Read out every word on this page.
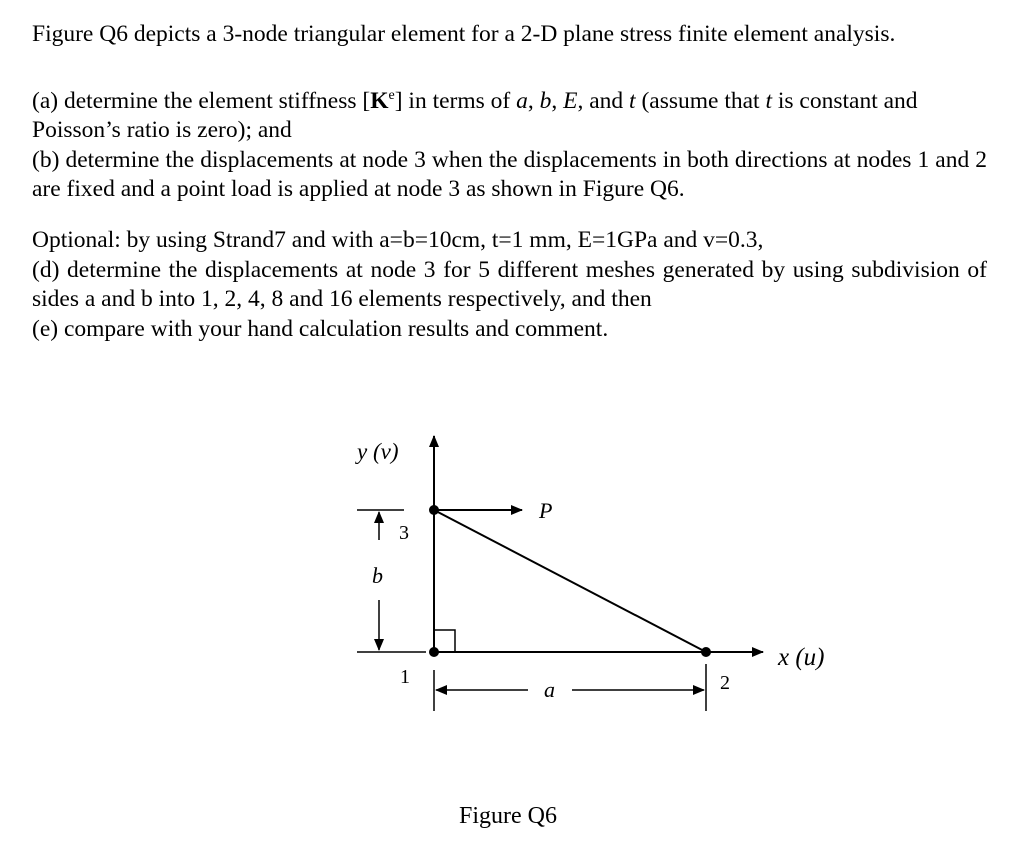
Figure Q6 depicts a 3-node triangular element for a 2-D plane stress finite element analysis.

(a) determine the element stiffness $[K^e]$ in terms of a, b, E, and t (assume that t is constant and Poisson’s ratio is zero); and
(b) determine the displacements at node 3 when the displacements in both directions at nodes 1 and 2 are fixed and a point load is applied at node 3 as shown in Figure Q6.
Optional: by using Strand7 and with a=b=10cm, t=1 mm, E=1GPa and v=0.3,
(d) determine the displacements at node 3 for 5 different meshes generated by using subdivision of sides a and b into 1, 2, 4, 8 and 16 elements respectively, and then
(e) compare with your hand calculation results and comment.
y (v)
x (u)
P
3
1	2
b
a
Figure Q6
